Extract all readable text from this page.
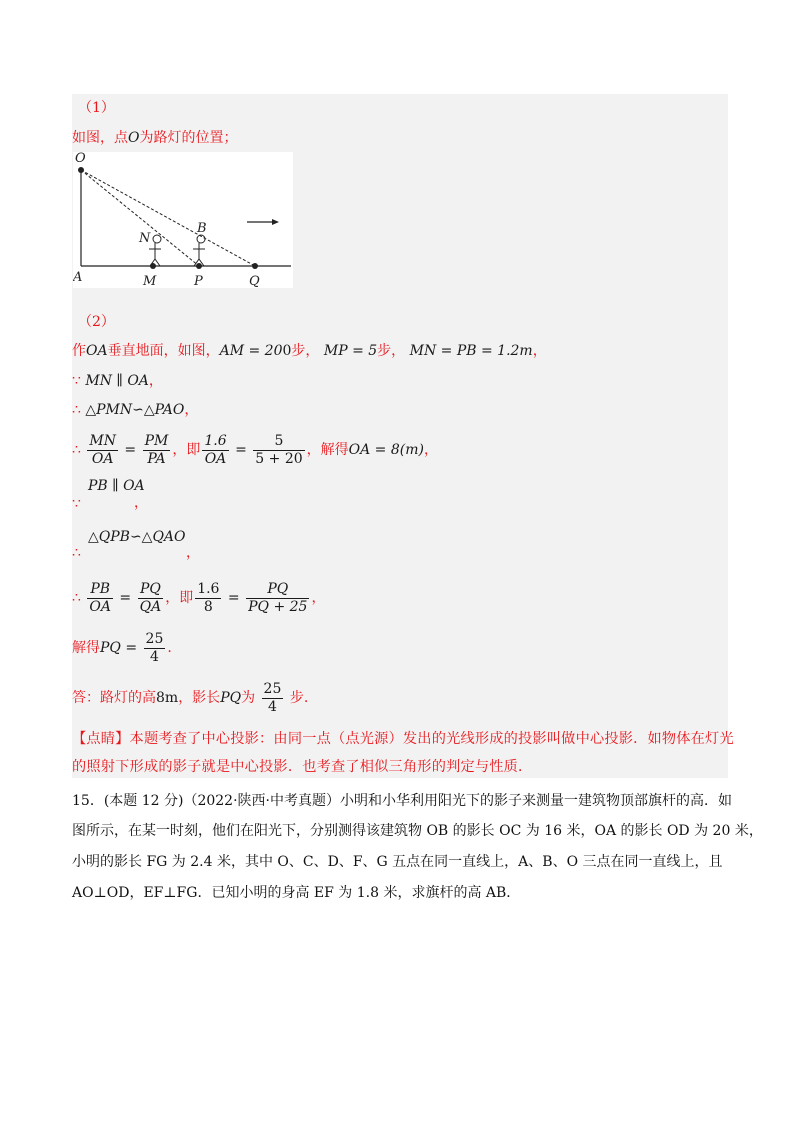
（1）
如图，点O为路灯的位置；
O
A	M	P	Q
N
B
（2）
作OA垂直地面，如图，AM = 200步， MP = 5步， MN = PB = 1.2m，
∵ MN ∥ OA，
∴ △PMN∽△PAO，
∴ $\frac{MN}{OA} = \frac{PM}{PA}$ ，即 $\frac{1.6}{OA} = \frac{5}{5 + 20}$ ，解得OA = 8(m)，
PB ∥ OA
，
∵
△QPB∽△QAO
，
∴
∴ $\frac{PB}{OA} = \frac{PQ}{QA}$ ，即 $\frac{1.6}{8} = \frac{PQ}{PQ + 25}$ ，
解得PQ = $\frac{25}{4}$ .
答：路灯的高8m，影长PQ为 $\frac{25}{4}$ 步.
【点睛】本题考查了中心投影：由同一点（点光源）发出的光线形成的投影叫做中心投影．如物体在灯光
的照射下形成的影子就是中心投影．也考查了相似三角形的判定与性质．
15．(本题 12 分)（2022·陕西·中考真题）小明和小华利用阳光下的影子来测量一建筑物顶部旗杆的高．如
图所示，在某一时刻，他们在阳光下，分别测得该建筑物 OB 的影长 OC 为 16 米，OA 的影长 OD 为 20 米，
小明的影长 FG 为 2.4 米，其中 O、C、D、F、G 五点在同一直线上，A、B、O 三点在同一直线上，且
AO⊥OD，EF⊥FG．已知小明的身高 EF 为 1.8 米，求旗杆的高 AB．
